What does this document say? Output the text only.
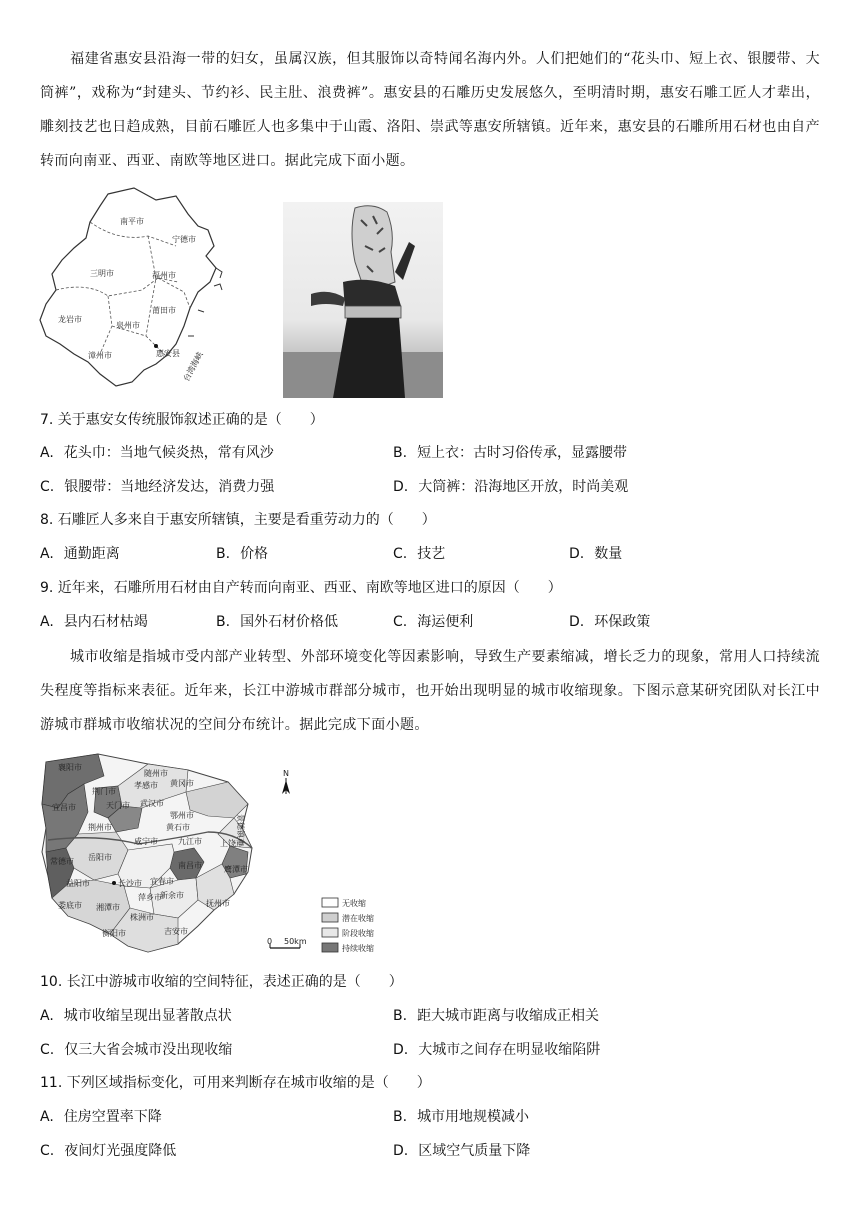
福建省惠安县沿海一带的妇女，虽属汉族，但其服饰以奇特闻名海内外。人们把她们的“花头巾、短上衣、银腰带、大筒裤”，戏称为“封建头、节约衫、民主肚、浪费裤”。惠安县的石雕历史发展悠久，至明清时期，惠安石雕工匠人才辈出，雕刻技艺也日趋成熟，目前石雕匠人也多集中于山霞、洛阳、崇武等惠安所辖镇。近年来，惠安县的石雕所用石材也由自产转而向南亚、西亚、南欧等地区进口。据此完成下面小题。
南平市
宁德市
三明市	福州市
莆田市
龙岩市
泉州市
漳州市	惠安县 台湾海峡
7. 关于惠安女传统服饰叙述正确的是（　　）
A. 花头巾：当地气候炎热，常有风沙	B. 短上衣：古时习俗传承，显露腰带
C. 银腰带：当地经济发达，消费力强	D. 大筒裤：沿海地区开放，时尚美观
8. 石雕匠人多来自于惠安所辖镇，主要是看重劳动力的（　　）
A. 通勤距离	B. 价格	C. 技艺	D. 数量
9. 近年来，石雕所用石材由自产转而向南亚、西亚、南欧等地区进口的原因（　　）
A. 县内石材枯竭	B. 国外石材价格低	C. 海运便利	D. 环保政策
城市收缩是指城市受内部产业转型、外部环境变化等因素影响，导致生产要素缩减，增长乏力的现象，常用人口持续流失程度等指标来表征。近年来，长江中游城市群部分城市，也开始出现明显的城市收缩现象。下图示意某研究团队对长江中游城市群城市收缩状况的空间分布统计。据此完成下面小题。
襄阳市
荆门市
孝感市
随州市
黄冈市
宜昌市	天门市 武汉市
鄂州市
荆州市	黄石市
咸宁市	九江市	景德镇市
上饶市
常德市 岳阳市
益阳市
南昌市	鹰潭市
长沙市 宜春市
新余市
娄底市 湘潭市
株洲市
萍乡市
抚州市
吉安市
衡阳市
N
0 50km
无收缩
潜在收缩
阶段收缩
持续收缩
10. 长江中游城市收缩的空间特征，表述正确的是（　　）
A. 城市收缩呈现出显著散点状	B. 距大城市距离与收缩成正相关
C. 仅三大省会城市没出现收缩	D. 大城市之间存在明显收缩陷阱
11. 下列区域指标变化，可用来判断存在城市收缩的是（　　）
A. 住房空置率下降	B. 城市用地规模减小
C. 夜间灯光强度降低	D. 区域空气质量下降
